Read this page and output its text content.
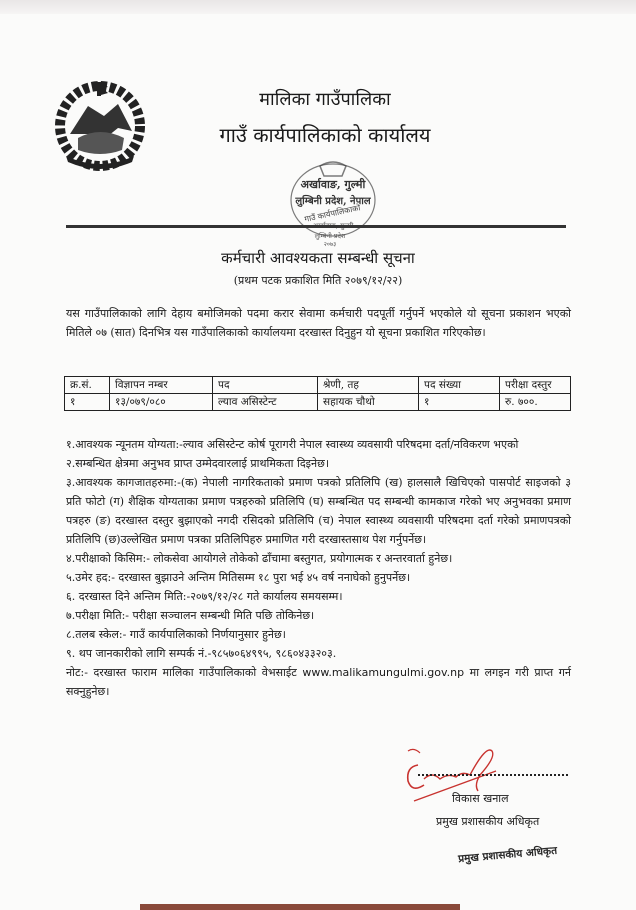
मालिका गाउँपालिका
गाउँ कार्यपालिकाको कार्यालय
अर्खावाङ, गुल्मी
लुम्बिनी प्रदेश, नेपाल
गाउँ कार्यपालिकाको
लुम्बिनी प्रदेश
२०७३
कर्मचारी आवश्यकता सम्बन्धी सूचना
(प्रथम पटक प्रकाशित मिति २०७९/१२/२२)
यस गाउँपालिकाको लागि देहाय बमोजिमको पदमा करार सेवामा कर्मचारी पदपूर्ती गर्नुपर्ने भएकोले यो सूचना प्रकाशन भएको मितिले ०७ (सात) दिनभित्र यस गाउँपालिकाको कार्यालयमा दरखास्त दिनुहुन यो सूचना प्रकाशित गरिएकोछ।
क्र.सं.	विज्ञापन नम्बर	पद	श्रेणी, तह	पद संख्या	परीक्षा दस्तुर
१	१३/०७९/०८०	ल्याव असिस्टेन्ट	सहायक चौथो	१	रु. ७००.

१.आवश्यक न्यूनतम योग्यता:-ल्याव असिस्टेन्ट कोर्ष पूरागरी नेपाल स्वास्थ्य व्यवसायी परिषदमा दर्ता/नविकरण भएको

२.सम्बन्धित क्षेत्रमा अनुभव प्राप्त उम्मेदवारलाई प्राथमिकता दिइनेछ।

३.आवश्यक कागजातहरुमा:-(क) नेपाली नागरिकताको प्रमाण पत्रको प्रतिलिपि (ख) हालसालै खिचिएको पासपोर्ट साइजको ३ प्रति फोटो (ग) शैक्षिक योग्यताका प्रमाण पत्रहरुको प्रतिलिपि (घ) सम्बन्धित पद सम्बन्धी कामकाज गरेको भए अनुभवका प्रमाण पत्रहरु (ङ) दरखास्त दस्तुर बुझाएको नगदी रसिदको प्रतिलिपि (च) नेपाल स्वास्थ्य व्यवसायी परिषदमा दर्ता गरेको प्रमाणपत्रको प्रतिलिपि (छ)उल्लेखित प्रमाण पत्रका प्रतिलिपिहरु प्रमाणित गरी दरखास्तसाथ पेश गर्नुपर्नेछ।

४.परीक्षाको किसिम:- लोकसेवा आयोगले तोकेको ढाँचामा बस्तुगत, प्रयोगात्मक र अन्तरवार्ता हुनेछ।

५.उमेर हद:- दरखास्त बुझाउने अन्तिम मितिसम्म १८ पुरा भई ४५ वर्ष ननाघेको हुनुपर्नेछ।

६. दरखास्त दिने अन्तिम मिति:-२०७९/१२/२८ गते कार्यालय समयसम्म।

७.परीक्षा मिति:- परीक्षा सञ्चालन सम्बन्धी मिति पछि तोकिनेछ।

८.तलब स्केल:- गाउँ कार्यपालिकाको निर्णयानुसार हुनेछ।

९. थप जानकारीको लागि सम्पर्क नं.-९८५७०६४९९५, ९८६०४३३२०३.

नोट:- दरखास्त फाराम मालिका गाउँपालिकाको वेभसाईट www.malikamungulmi.gov.np मा लगइन गरी प्राप्त गर्न सक्नुहुनेछ।

विकास खनाल
प्रमुख प्रशासकीय अधिकृत
प्रमुख प्रशासकीय अधिकृत
